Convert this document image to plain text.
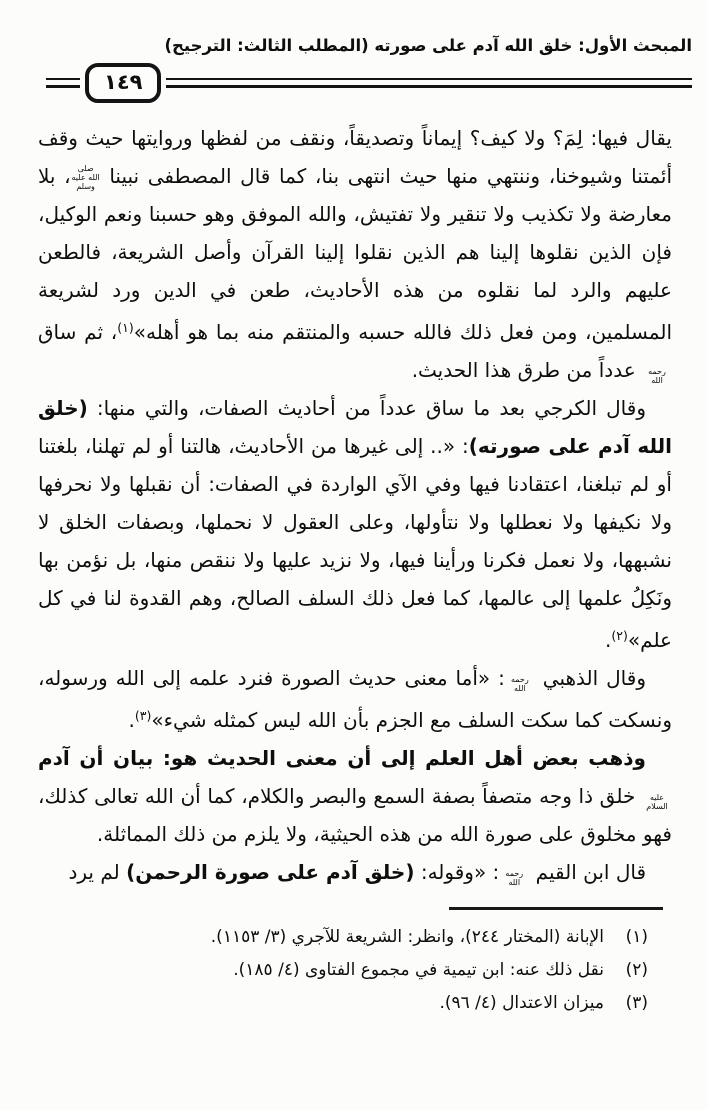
المبحث الأول: خلق الله آدم على صورته (المطلب الثالث: الترجيح)
١٤٩

يقال فيها: لِمَ؟ ولا كيف؟ إيماناً وتصديقاً، ونقف من لفظها وروايتها حيث وقف أئمتنا وشيوخنا، وننتهي منها حيث انتهى بنا، كما قال المصطفى نبينا صلى الله عليه وسلم، بلا معارضة ولا تكذيب ولا تنقير ولا تفتيش، والله الموفق وهو حسبنا ونعم الوكيل، فإن الذين نقلوها إلينا هم الذين نقلوا إلينا القرآن وأصل الشريعة، فالطعن عليهم والرد لما نقلوه من هذه الأحاديث، طعن في الدين ورد لشريعة المسلمين، ومن فعل ذلك فالله حسبه والمنتقم منه بما هو أهله»$^{(١)}$، ثم ساق رحمه الله عدداً من طرق هذا الحديث.

وقال الكرجي بعد ما ساق عدداً من أحاديث الصفات، والتي منها: (خلق الله آدم على صورته): «.. إلى غيرها من الأحاديث، هالتنا أو لم تهلنا، بلغتنا أو لم تبلغنا، اعتقادنا فيها وفي الآي الواردة في الصفات: أن نقبلها ولا نحرفها ولا نكيفها ولا نعطلها ولا نتأولها، وعلى العقول لا نحملها، وبصفات الخلق لا نشبهها، ولا نعمل فكرنا ورأينا فيها، ولا نزيد عليها ولا ننقص منها، بل نؤمن بها ونَكِلُ علمها إلى عالمها، كما فعل ذلك السلف الصالح، وهم القدوة لنا في كل علم»$^{(٢)}$.

وقال الذهبي رحمه الله: «أما معنى حديث الصورة فنرد علمه إلى الله ورسوله، ونسكت كما سكت السلف مع الجزم بأن الله ليس كمثله شيء»$^{(٣)}$.

وذهب بعض أهل العلم إلى أن معنى الحديث هو: بيان أن آدم عليه السلام خلق ذا وجه متصفاً بصفة السمع والبصر والكلام، كما أن الله تعالى كذلك، فهو مخلوق على صورة الله من هذه الحيثية، ولا يلزم من ذلك المماثلة.

قال ابن القيم رحمه الله: «وقوله: (خلق آدم على صورة الرحمن) لم يرد

(١)
الإبانة (المختار ٢٤٤)، وانظر: الشريعة للآجري (٣/ ١١٥٣).
(٢)
نقل ذلك عنه: ابن تيمية في مجموع الفتاوى (٤/ ١٨٥).
(٣)
ميزان الاعتدال (٤/ ٩٦).
